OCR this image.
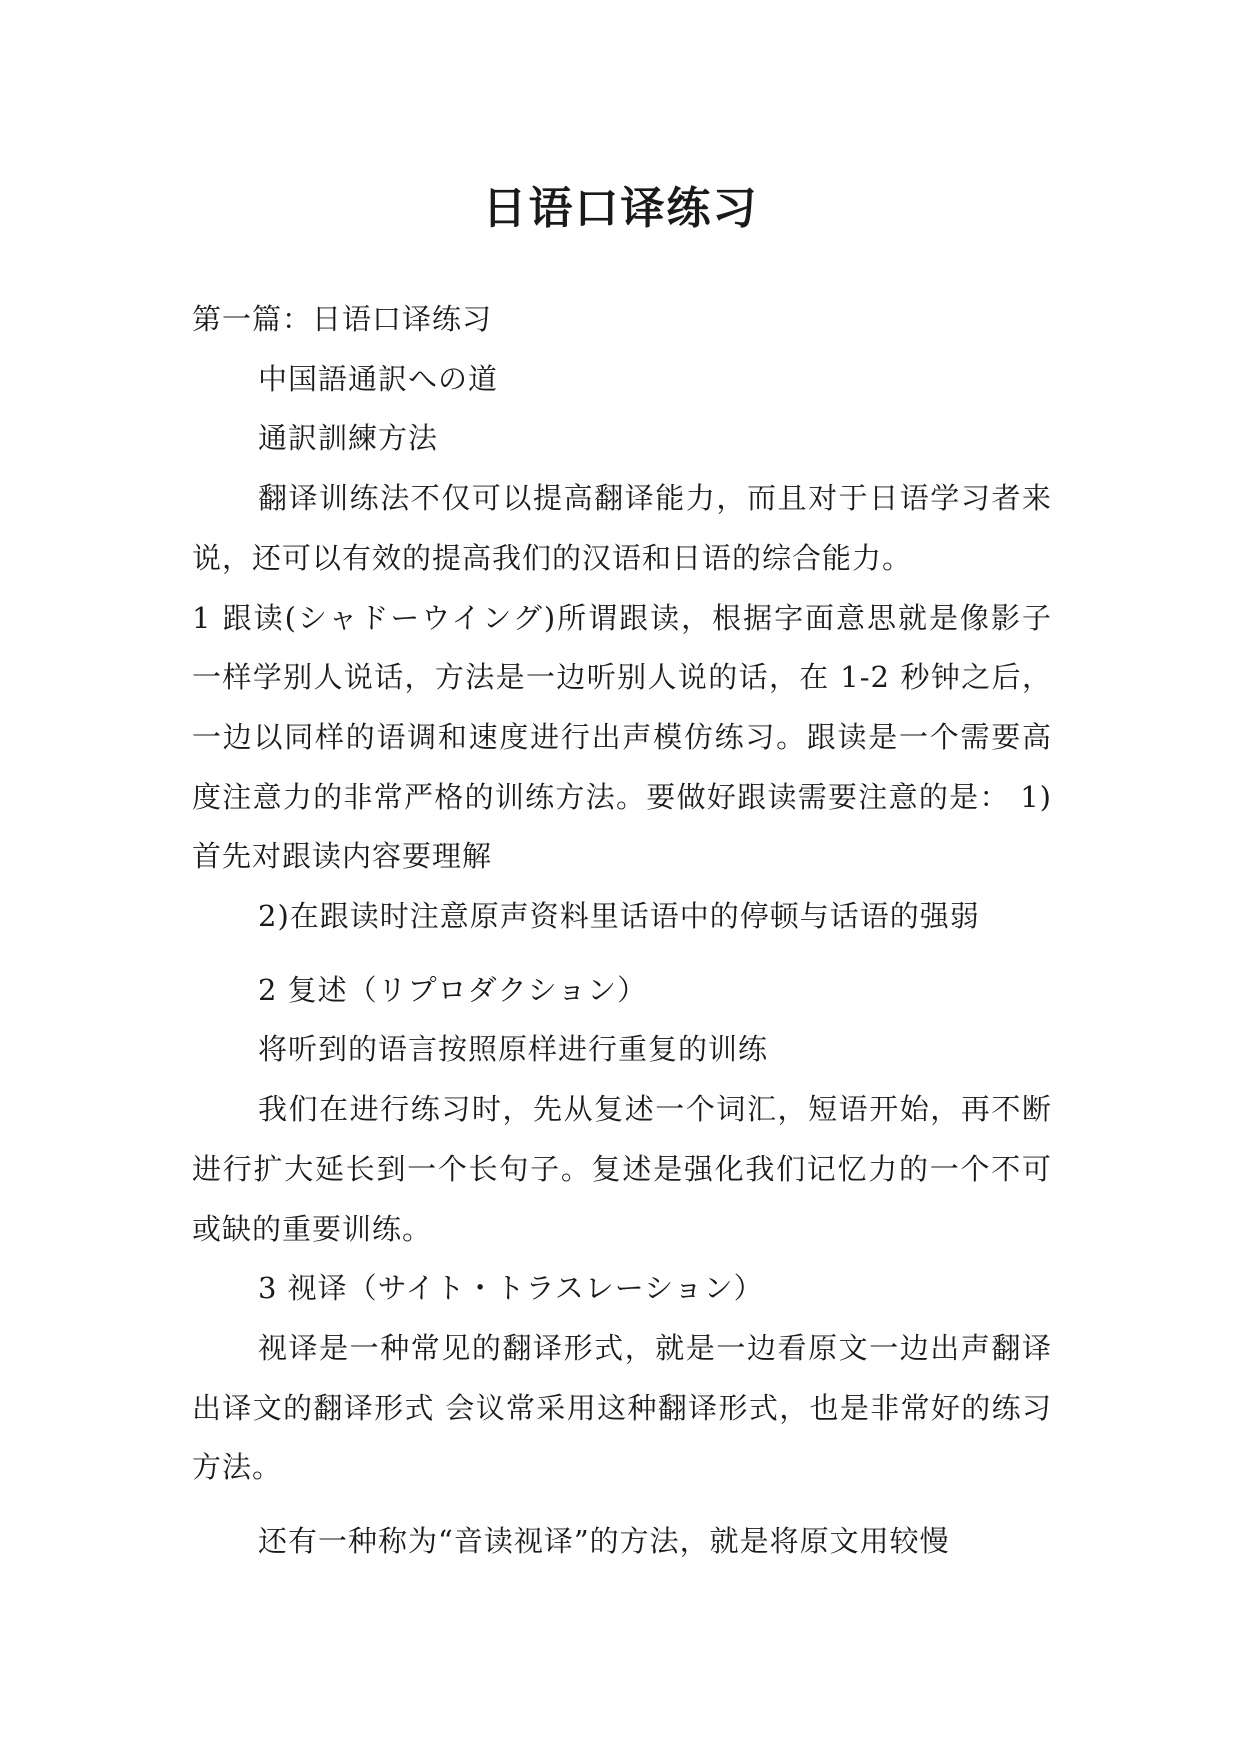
日语口译练习

第一篇：日语口译练习

中国語通訳への道

通訳訓練方法

翻译训练法不仅可以提高翻译能力，而且对于日语学习者来说，还可以有效的提高我们的汉语和日语的综合能力。

1 跟读(シャドーウイング)所谓跟读，根据字面意思就是像影子一样学别人说话，方法是一边听别人说的话，在 1-2 秒钟之后，一边以同样的语调和速度进行出声模仿练习。跟读是一个需要高度注意力的非常严格的训练方法。要做好跟读需要注意的是： 1)首先对跟读内容要理解

2)在跟读时注意原声资料里话语中的停顿与话语的强弱

2 复述（リプロダクション）

将听到的语言按照原样进行重复的训练

我们在进行练习时，先从复述一个词汇，短语开始，再不断进行扩大延长到一个长句子。复述是强化我们记忆力的一个不可或缺的重要训练。

3 视译（サイト・トラスレーション）

视译是一种常见的翻译形式，就是一边看原文一边出声翻译出译文的翻译形式 会议常采用这种翻译形式，也是非常好的练习方法。

还有一种称为“音读视译”的方法，就是将原文用较慢
